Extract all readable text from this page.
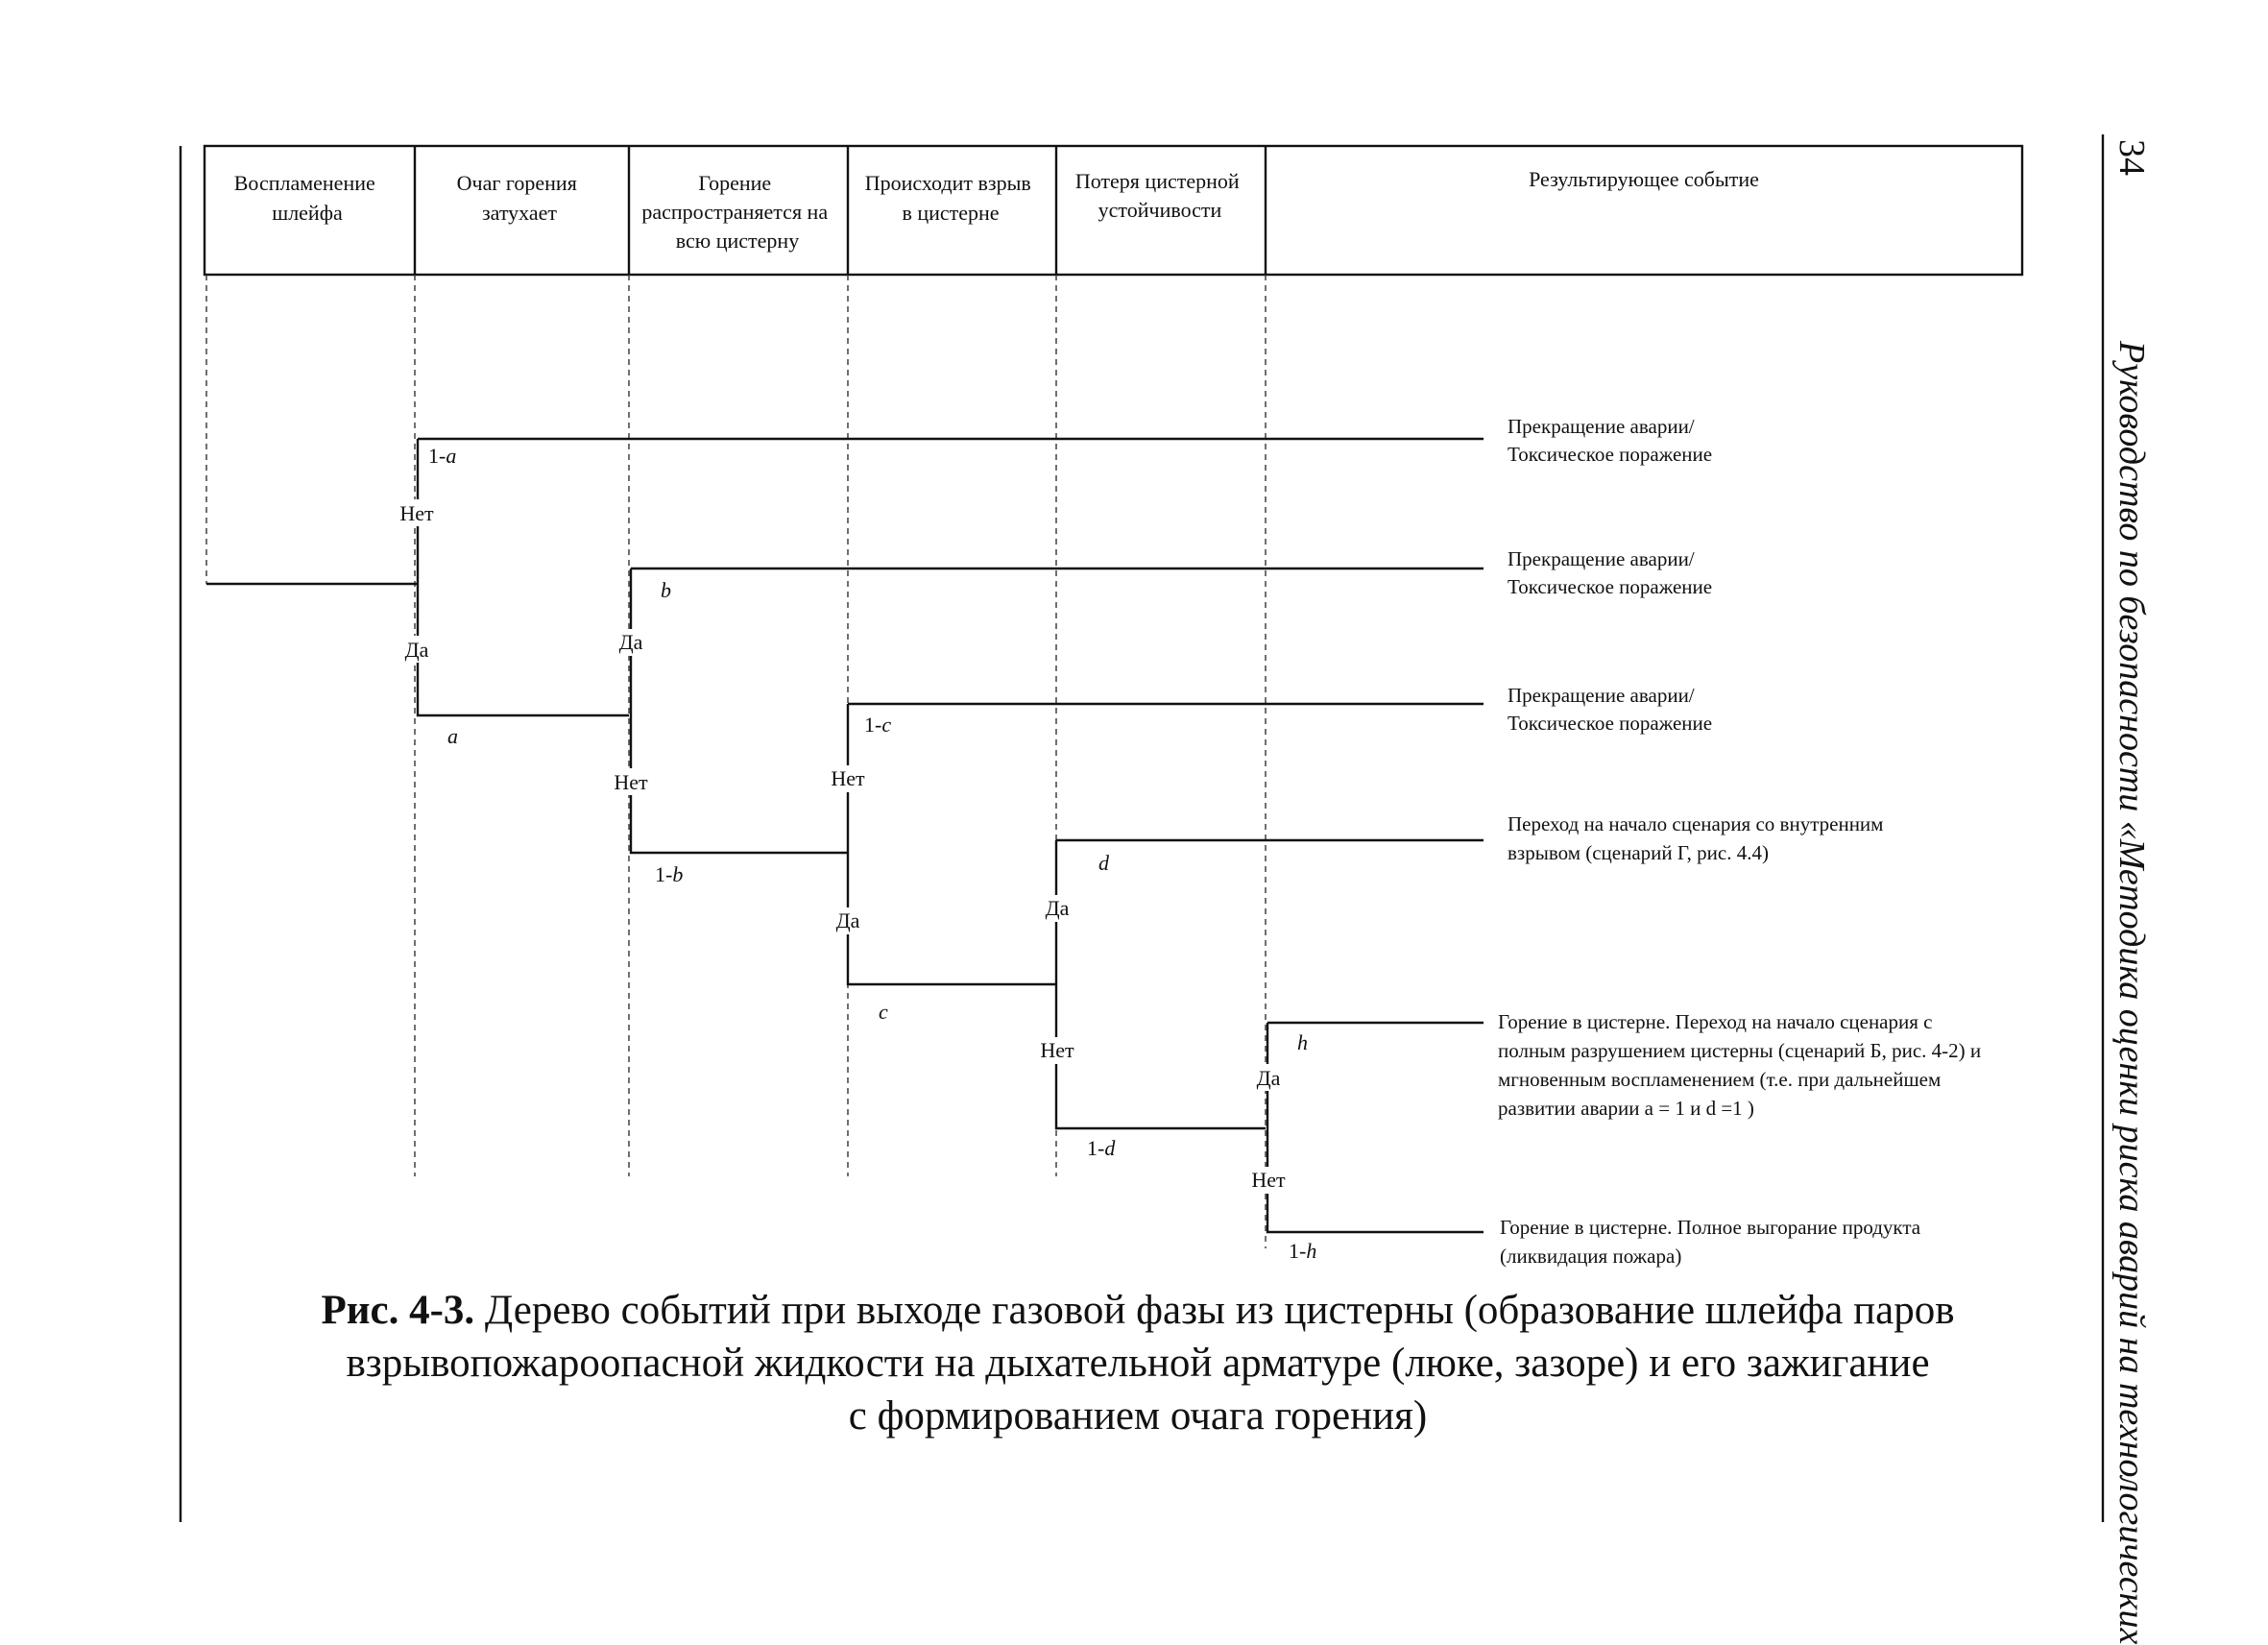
Воспламенение шлейфа
Очаг горения затухает
Горение распространяется на всю цистерну
Происходит взрыв в цистерне
Потеря цистерной устойчивости
Результирующее событие
Нет
Да	Да
Нет	Нет
Да
Да
Нет
Да
Нет
1-a
a
b
1-b
1-c
c
d
1-d
h
1-h
Прекращение аварии/ Токсическое поражение
Прекращение аварии/ Токсическое поражение
Прекращение аварии/ Токсическое поражение
Переход на начало сценария со внутренним взрывом (сценарий Г, рис. 4.4)
Горение в цистерне. Переход на начало сценария с полным разрушением цистерны (сценарий Б, рис. 4-2) и мгновенным воспламенением (т.е. при дальнейшем развитии аварии a = 1 и d =1 )
Горение в цистерне. Полное выгорание продукта (ликвидация пожара)
Рис. 4-3. Дерево событий при выходе газовой фазы из цистерны (образование шлейфа паров
взрывопожароопасной жидкости на дыхательной арматуре (люке, зазоре) и его зажигание
с формированием очага горения)
34
Руководство по безопасности «Методика оценки риска аварий на технологических
